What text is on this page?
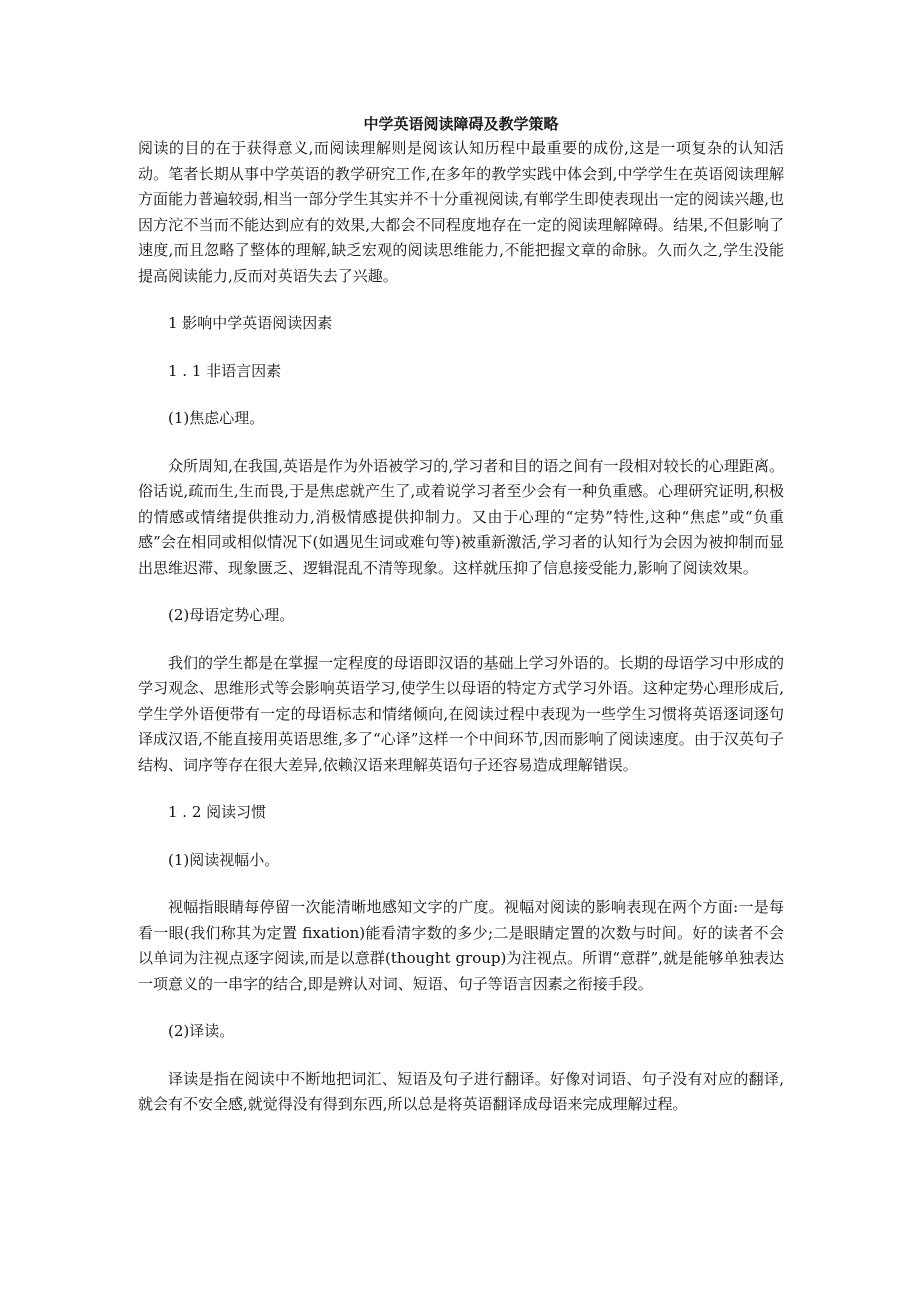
中学英语阅读障碍及教学策略

阅读的目的在于获得意义,而阅读理解则是阅该认知历程中最重要的成份,这是一项复杂的认知活动。笔者长期从事中学英语的教学研究工作,在多年的教学实践中体会到,中学学生在英语阅读理解方面能力普遍较弱,相当一部分学生其实并不十分重视阅读,有郸学生即使表现出一定的阅读兴趣,也因方沱不当而不能达到应有的效果,大都会不同程度地存在一定的阅读理解障碍。结果,不但影响了速度,而且忽略了整体的理解,缺乏宏观的阅读思维能力,不能把握文章的命脉。久而久之,学生没能提高阅读能力,反而对英语失去了兴趣。

1 影响中学英语阅读因素

1 . 1 非语言因素

(1)焦虑心理。

众所周知,在我国,英语是作为外语被学习的,学习者和目的语之间有一段相对较长的心理距离。俗话说,疏而生,生而畏,于是焦虑就产生了,或着说学习者至少会有一种负重感。心理研究证明,积极的情感或情绪提供推动力,消极情感提供抑制力。又由于心理的“定势”特性,这种“焦虑”或“负重感”会在相同或相似情况下(如遇见生词或难句等)被重新激活,学习者的认知行为会因为被抑制而显出思维迟滞、现象匮乏、逻辑混乱不清等现象。这样就压抑了信息接受能力,影响了阅读效果。

(2)母语定势心理。

我们的学生都是在掌握一定程度的母语即汉语的基础上学习外语的。长期的母语学习中形成的学习观念、思维形式等会影响英语学习,使学生以母语的特定方式学习外语。这种定势心理形成后,学生学外语便带有一定的母语标志和情绪倾向,在阅读过程中表现为一些学生习惯将英语逐词逐句译成汉语,不能直接用英语思维,多了“心译”这样一个中间环节,因而影响了阅读速度。由于汉英句子结构、词序等存在很大差异,依赖汉语来理解英语句子还容易造成理解错误。

1 . 2 阅读习惯

(1)阅读视幅小。

视幅指眼睛每停留一次能清晰地感知文字的广度。视幅对阅读的影响表现在两个方面:一是每看一眼(我们称其为定置 fixation)能看清字数的多少;二是眼睛定置的次数与时间。好的读者不会以单词为注视点逐字阅读,而是以意群(thought group)为注视点。所谓“意群”,就是能够单独表达一项意义的一串字的结合,即是辨认对词、短语、句子等语言因素之衔接手段。

(2)译读。

译读是指在阅读中不断地把词汇、短语及句子进行翻译。好像对词语、句子没有对应的翻译,就会有不安全感,就觉得没有得到东西,所以总是将英语翻译成母语来完成理解过程。
